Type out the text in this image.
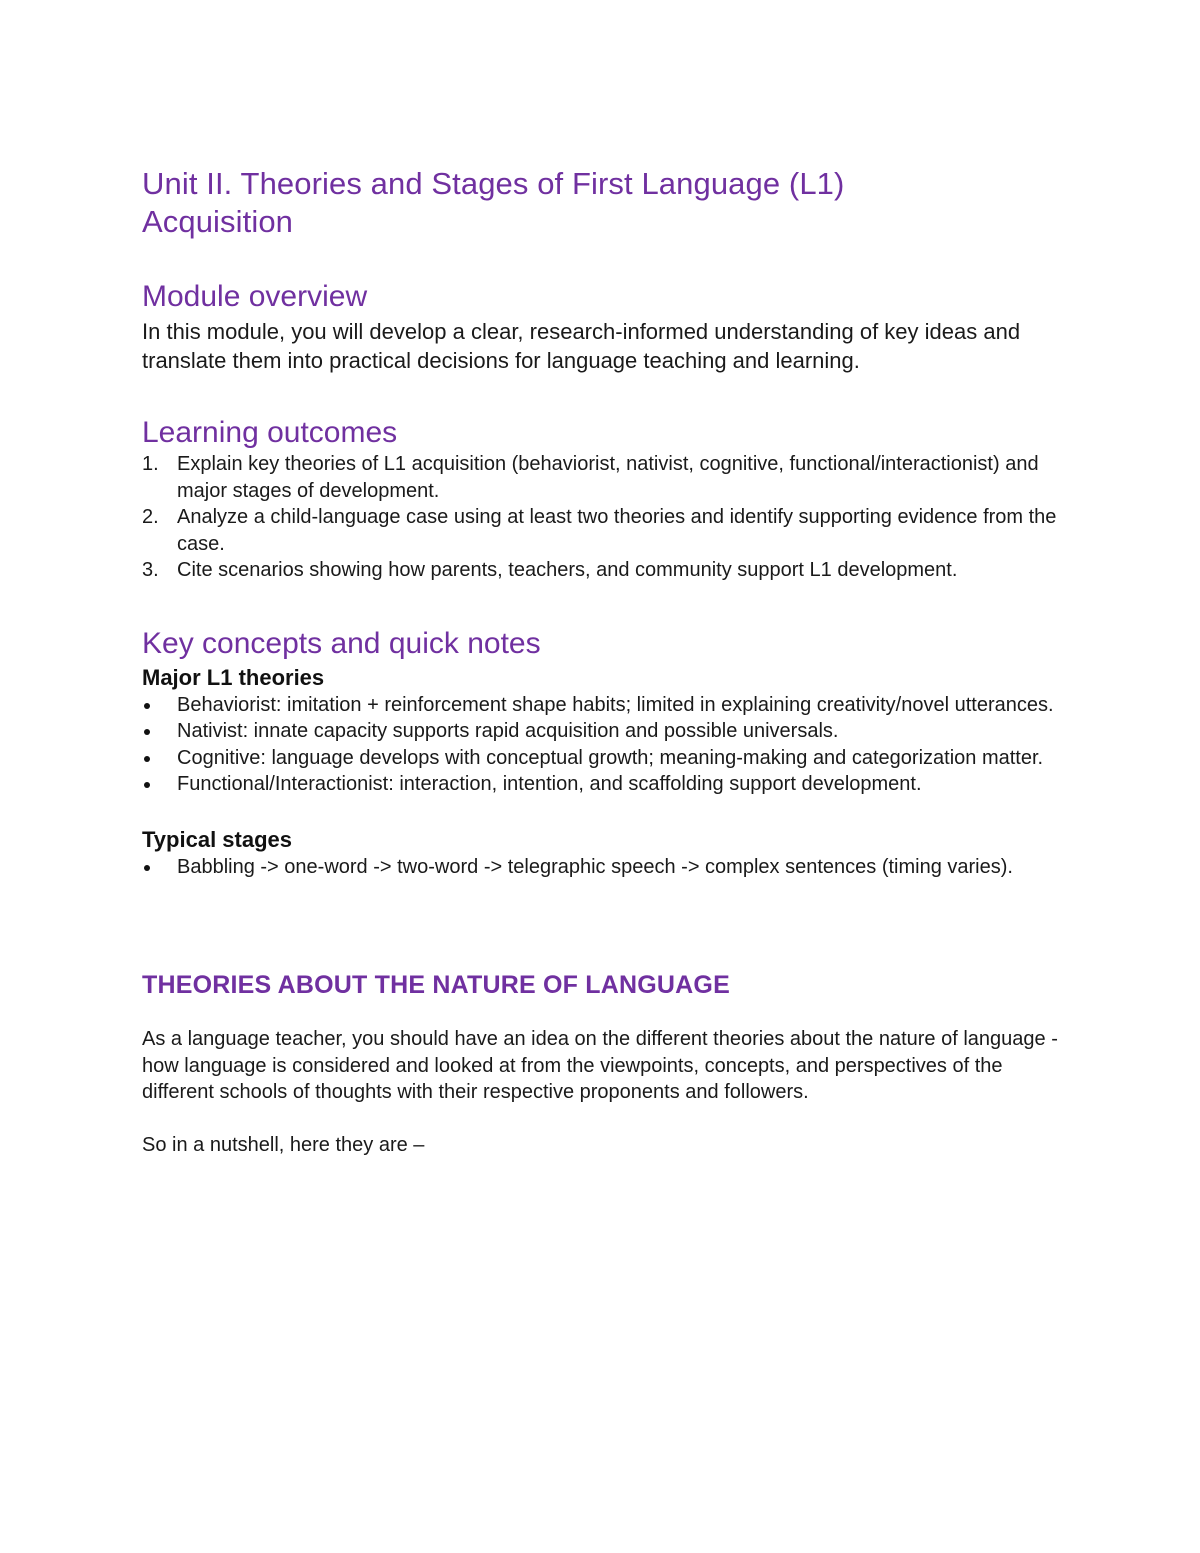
Unit II. Theories and Stages of First Language (L1)
Acquisition
Module overview

In this module, you will develop a clear, research-informed understanding of key ideas and translate them into practical decisions for language teaching and learning.

Learning outcomes
1. Explain key theories of L1 acquisition (behaviorist, nativist, cognitive, functional/interactionist) and major stages of development.
2. Analyze a child-language case using at least two theories and identify supporting evidence from the case.
3. Cite scenarios showing how parents, teachers, and community support L1 development.
Key concepts and quick notes
Major L1 theories
Behaviorist: imitation + reinforcement shape habits; limited in explaining creativity/novel utterances.
Nativist: innate capacity supports rapid acquisition and possible universals.
Cognitive: language develops with conceptual growth; meaning-making and categorization matter.
Functional/Interactionist: interaction, intention, and scaffolding support development.
Typical stages
Babbling -> one-word -> two-word -> telegraphic speech -> complex sentences (timing varies).
THEORIES ABOUT THE NATURE OF LANGUAGE

As a language teacher, you should have an idea on the different theories about the nature of language - how language is considered and looked at from the viewpoints, concepts, and perspectives of the different schools of thoughts with their respective proponents and followers.

So in a nutshell, here they are –
